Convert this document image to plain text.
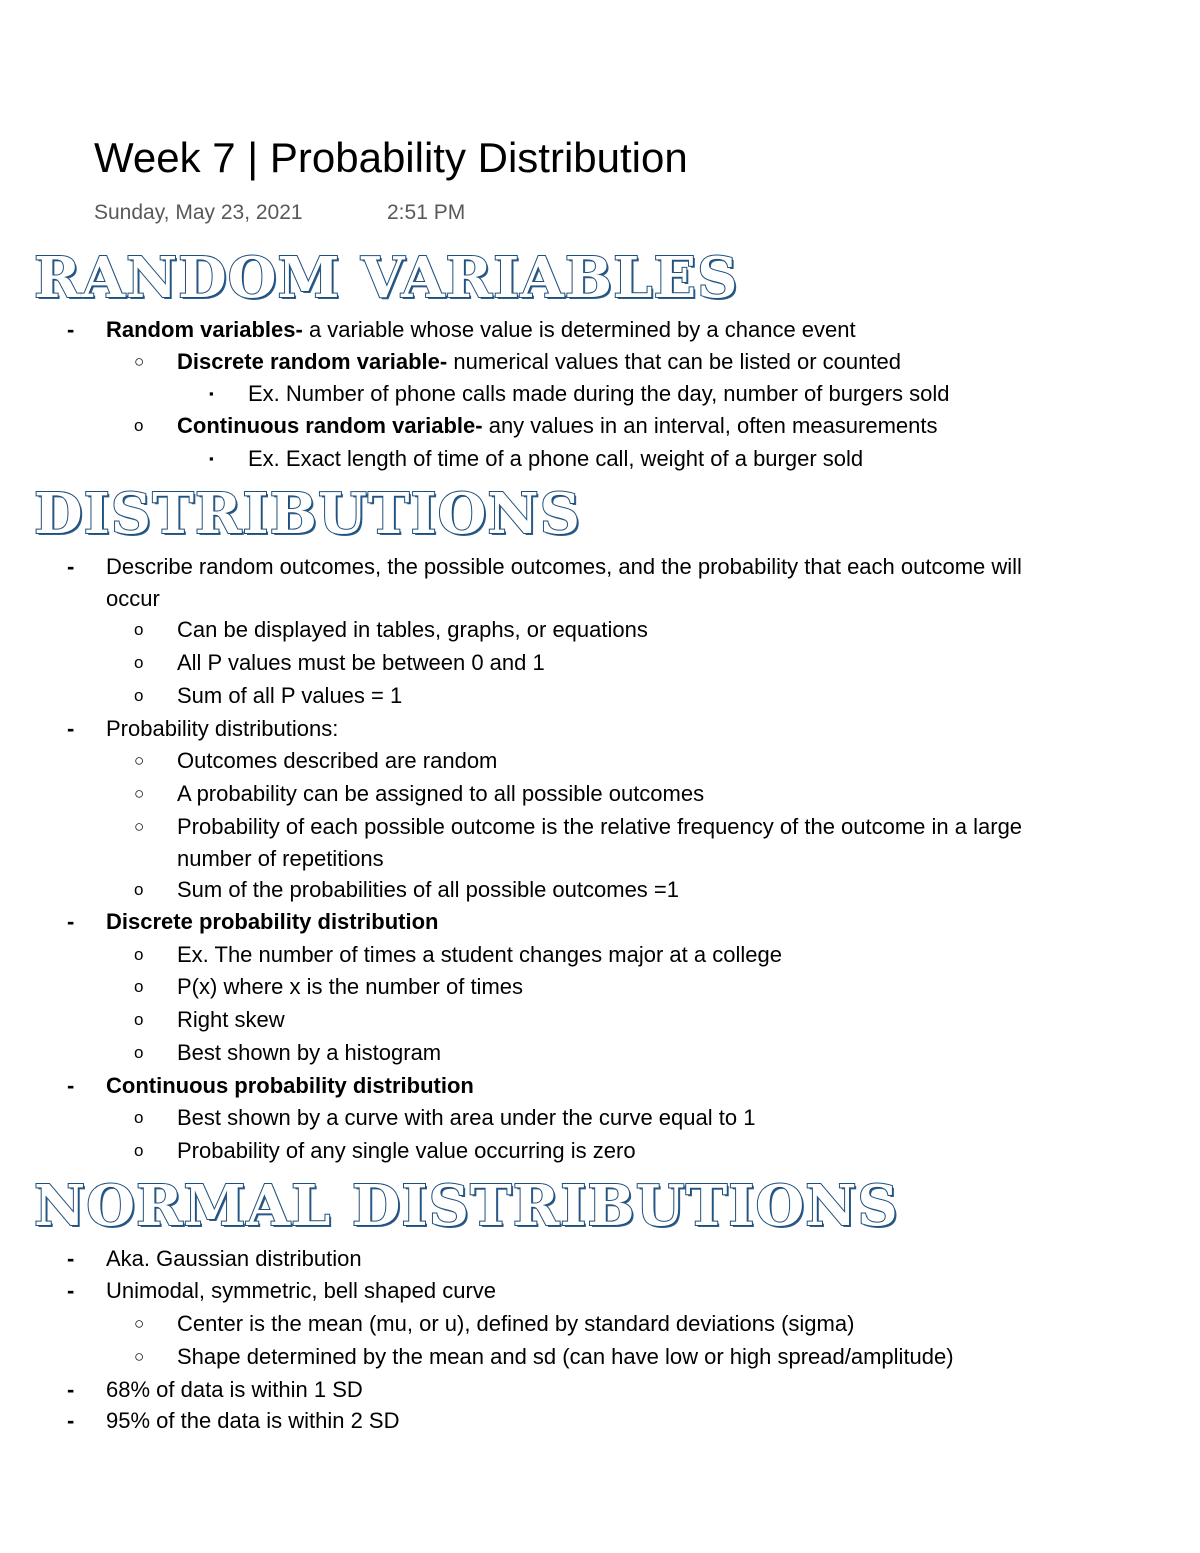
Week 7 | Probability Distribution
Sunday, May 23, 2021	2:51 PM
RANDOM VARIABLES
- Random variables- a variable whose value is determined by a chance event
○ Discrete random variable- numerical values that can be listed or counted
▪ Ex. Number of phone calls made during the day, number of burgers sold
o Continuous random variable- any values in an interval, often measurements
▪ Ex. Exact length of time of a phone call, weight of a burger sold
DISTRIBUTIONS
- Describe random outcomes, the possible outcomes, and the probability that each outcome will
occur
o Can be displayed in tables, graphs, or equations
o All P values must be between 0 and 1
o Sum of all P values = 1
- Probability distributions:
○ Outcomes described are random
○ A probability can be assigned to all possible outcomes
○ Probability of each possible outcome is the relative frequency of the outcome in a large
number of repetitions
o Sum of the probabilities of all possible outcomes =1
- Discrete probability distribution
o Ex. The number of times a student changes major at a college
o P(x) where x is the number of times
o Right skew
o Best shown by a histogram
- Continuous probability distribution
o Best shown by a curve with area under the curve equal to 1
o Probability of any single value occurring is zero
NORMAL DISTRIBUTIONS
- Aka. Gaussian distribution
- Unimodal, symmetric, bell shaped curve
○ Center is the mean (mu, or u), defined by standard deviations (sigma)
○ Shape determined by the mean and sd (can have low or high spread/amplitude)
- 68% of data is within 1 SD
- 95% of the data is within 2 SD
